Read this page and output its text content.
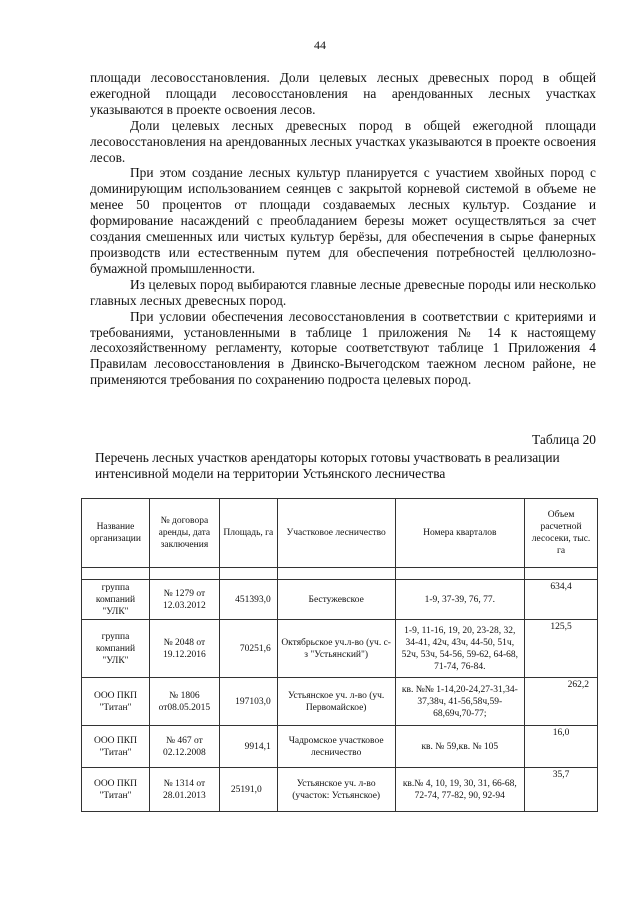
44

площади лесовосстановления. Доли целевых лесных древесных пород в общей ежегодной площади лесовосстановления на арендованных лесных участках указываются в проекте освоения лесов.

Доли целевых лесных древесных пород в общей ежегодной площади лесовосстановления на арендованных лесных участках указываются в проекте освоения лесов.

При этом создание лесных культур планируется с участием хвойных пород с доминирующим использованием сеянцев с закрытой корневой системой в объеме не менее 50 процентов от площади создаваемых лесных культур. Создание и формирование насаждений с преобладанием березы может осуществляться за счет создания смешенных или чистых культур берёзы, для обеспечения в сырье фанерных производств или естественным путем для обеспечения потребностей целлюлозно-бумажной промышленности.

Из целевых пород выбираются главные лесные древесные породы или несколько главных лесных древесных пород.

При условии обеспечения лесовосстановления в соответствии с критериями и требованиями, установленными в таблице 1 приложения № 14 к настоящему лесохозяйственному регламенту, которые соответствуют таблице 1 Приложения 4 Правилам лесовосстановления в Двинско-Вычегодском таежном лесном районе, не применяются требования по сохранению подроста целевых пород.

Таблица 20
Перечень лесных участков арендаторы которых готовы участвовать в реализации интенсивной модели на территории Устьянского лесничества
Название организации	№ договора аренды, дата заключения	Площадь, га	Участковое лесничество	Номера кварталов	Объем расчетной лесосеки, тыс. га

группа компаний "УЛК"	№ 1279 от 12.03.2012	451393,0	Бестужевское	1-9, 37-39, 76, 77.	634,4
группа компаний "УЛК"	№ 2048 от 19.12.2016	70251,6	Октябрьское уч.л-во (уч. с-з "Устьянский")	1-9, 11-16, 19, 20, 23-28, 32, 34-41, 42ч, 43ч, 44-50, 51ч, 52ч, 53ч, 54-56, 59-62, 64-68, 71-74, 76-84.	125,5
ООО ПКП "Титан"	№ 1806 от08.05.2015	197103,0	Устьянское уч. л-во (уч. Первомайское)	кв. №№ 1-14,20-24,27-31,34-37,38ч, 41-56,58ч,59-68,69ч,70-77;	262,2
ООО ПКП "Титан"	№ 467 от 02.12.2008	9914,1	Чадромское участковое лесничество	кв. № 59,кв. № 105	16,0
ООО ПКП "Титан"	№ 1314 от 28.01.2013	25191,0	Устьянское уч. л-во (участок: Устьянское)	кв.№ 4, 10, 19, 30, 31, 66-68, 72-74, 77-82, 90, 92-94	35,7
